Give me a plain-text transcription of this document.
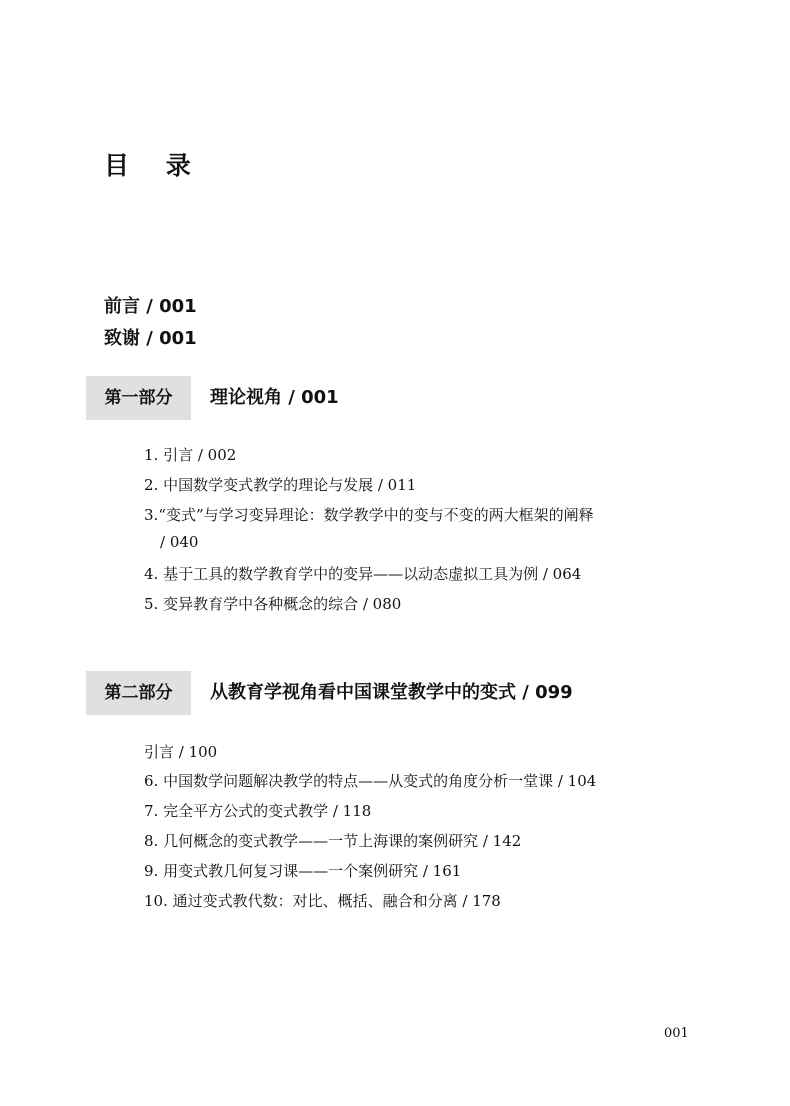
目 录
前言 / 001
致谢 / 001
第一部分	理论视角 / 001
1. 引言 / 002
2. 中国数学变式教学的理论与发展 / 011
3.“变式”与学习变异理论：数学教学中的变与不变的两大框架的阐释
/ 040
4. 基于工具的数学教育学中的变异——以动态虚拟工具为例 / 064
5. 变异教育学中各种概念的综合 / 080
第二部分	从教育学视角看中国课堂教学中的变式 / 099
引言 / 100
6. 中国数学问题解决教学的特点——从变式的角度分析一堂课 / 104
7. 完全平方公式的变式教学 / 118
8. 几何概念的变式教学——一节上海课的案例研究 / 142
9. 用变式教几何复习课——一个案例研究 / 161
10. 通过变式教代数：对比、概括、融合和分离 / 178
001
